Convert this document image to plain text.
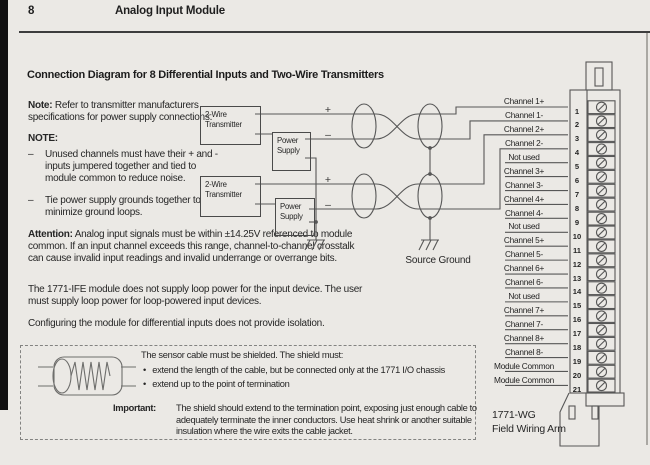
8	Analog Input Module
Connection Diagram for 8 Differential Inputs and Two-Wire Transmitters
Note: Refer to transmitter manufacturers specifications for power supply connections.
NOTE:
–	Unused channels must have their + and - inputs jumpered together and tied to module common to reduce noise.
–	Tie power supply grounds together to minimize ground loops.
Attention: Analog input signals must be within ±14.25V referenced to module common. If an input channel exceeds this range, channel-to-channel crosstalk can cause invalid input readings and invalid underrange or overrange bits.
The 1771-IFE module does not supply loop power for the input device. The user must supply loop power for loop-powered input devices.
Configuring the module for differential inputs does not provide isolation.
2-Wire Transmitter
Power Supply
2-Wire Transmitter
Power Supply
+
–
+
–
Source Ground
Channel 1+
1
Channel 1-
2
Channel 2+
3
Channel 2-
4
Not used
5
Channel 3+
6
Channel 3-
7
Channel 4+
8
Channel 4-
9
Not used
10
Channel 5+
11
Channel 5-
12
Channel 6+
13
Channel 6-
14
Not used
15
Channel 7+
16
Channel 7-
17
Channel 8+
18
Channel 8-
19
Module Common
20
Module Common
21
1771-WG
Field Wiring Arm
The sensor cable must be shielded. The shield must:
• extend the length of the cable, but be connected only at the 1771 I/O chassis
• extend up to the point of termination
Important: The shield should extend to the termination point, exposing just enough cable to adequately terminate the inner conductors. Use heat shrink or another suitable insulation where the wire exits the cable jacket.
